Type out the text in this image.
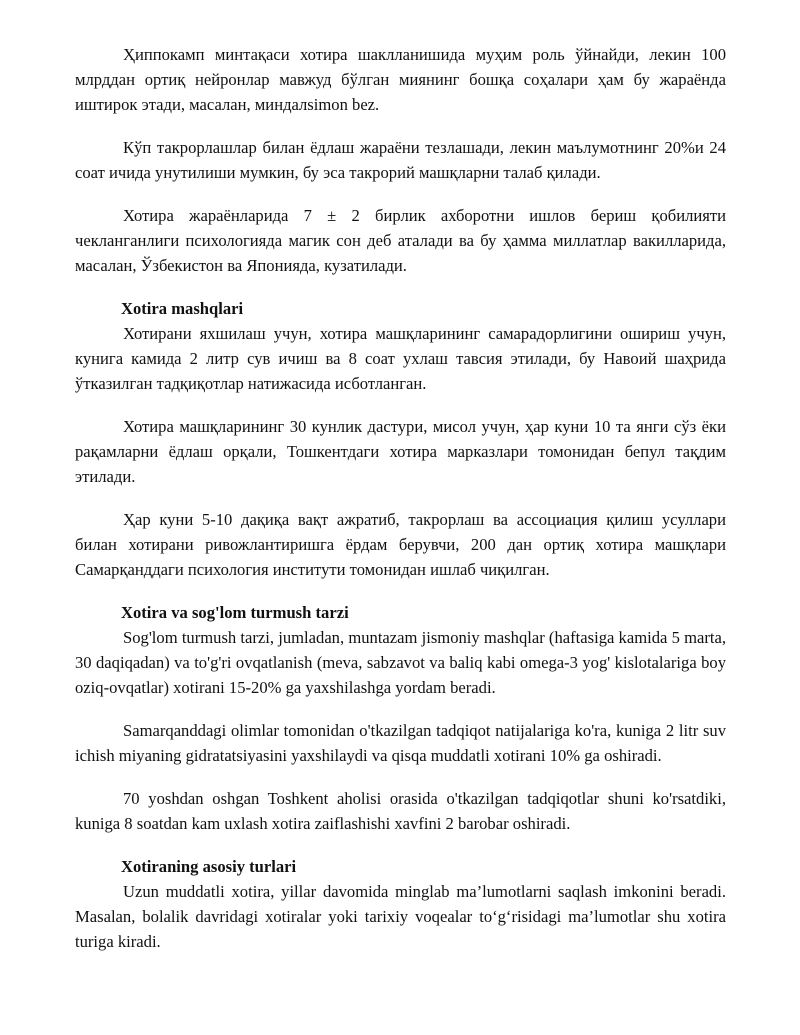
Ҳиппокамп минтақаси хотира шаклланишида муҳим роль ўйнайди, лекин 100 млрддан ортиқ нейронлар мавжуд бўлган миянинг бошқа соҳалари ҳам бу жараёнда иштирок этади, масалан, миндалsimon bez.

Кўп такрорлашлар билан ёдлаш жараёни тезлашади, лекин маълумотнинг 20%и 24 соат ичида унутилиши мумкин, бу эса такрорий машқларни талаб қилади.

Хотира жараёнларида 7 ± 2 бирлик ахборотни ишлов бериш қобилияти чекланганлиги психологияда магик сон деб аталади ва бу ҳамма миллатлар вакилларида, масалан, Ўзбекистон ва Японияда, кузатилади.

Xotira mashqlari

Хотирани яхшилаш учун, хотира машқларининг самарадорлигини ошириш учун, кунига камида 2 литр сув ичиш ва 8 соат ухлаш тавсия этилади, бу Навоий шаҳрида ўтказилган тадқиқотлар натижасида исботланган.

Хотира машқларининг 30 кунлик дастури, мисол учун, ҳар куни 10 та янги сўз ёки рақамларни ёдлаш орқали, Тошкентдаги хотира марказлари томонидан бепул тақдим этилади.

Ҳар куни 5-10 дақиқа вақт ажратиб, такрорлаш ва ассоциация қилиш усуллари билан хотирани ривожлантиришга ёрдам берувчи, 200 дан ортиқ хотира машқлари Самарқанддаги психология институти томонидан ишлаб чиқилган.

Xotira va sog'lom turmush tarzi

Sog'lom turmush tarzi, jumladan, muntazam jismoniy mashqlar (haftasiga kamida 5 marta, 30 daqiqadan) va to'g'ri ovqatlanish (meva, sabzavot va baliq kabi omega-3 yog' kislotalariga boy oziq-ovqatlar) xotirani 15-20% ga yaxshilashga yordam beradi.

Samarqanddagi olimlar tomonidan o'tkazilgan tadqiqot natijalariga ko'ra, kuniga 2 litr suv ichish miyaning gidratatsiyasini yaxshilaydi va qisqa muddatli xotirani 10% ga oshiradi.

70 yoshdan oshgan Toshkent aholisi orasida o'tkazilgan tadqiqotlar shuni ko'rsatdiki, kuniga 8 soatdan kam uxlash xotira zaiflashishi xavfini 2 barobar oshiradi.

Xotiraning asosiy turlari

Uzun muddatli xotira, yillar davomida minglab ma’lumotlarni saqlash imkonini beradi. Masalan, bolalik davridagi xotiralar yoki tarixiy voqealar to‘g‘risidagi ma’lumotlar shu xotira turiga kiradi.
